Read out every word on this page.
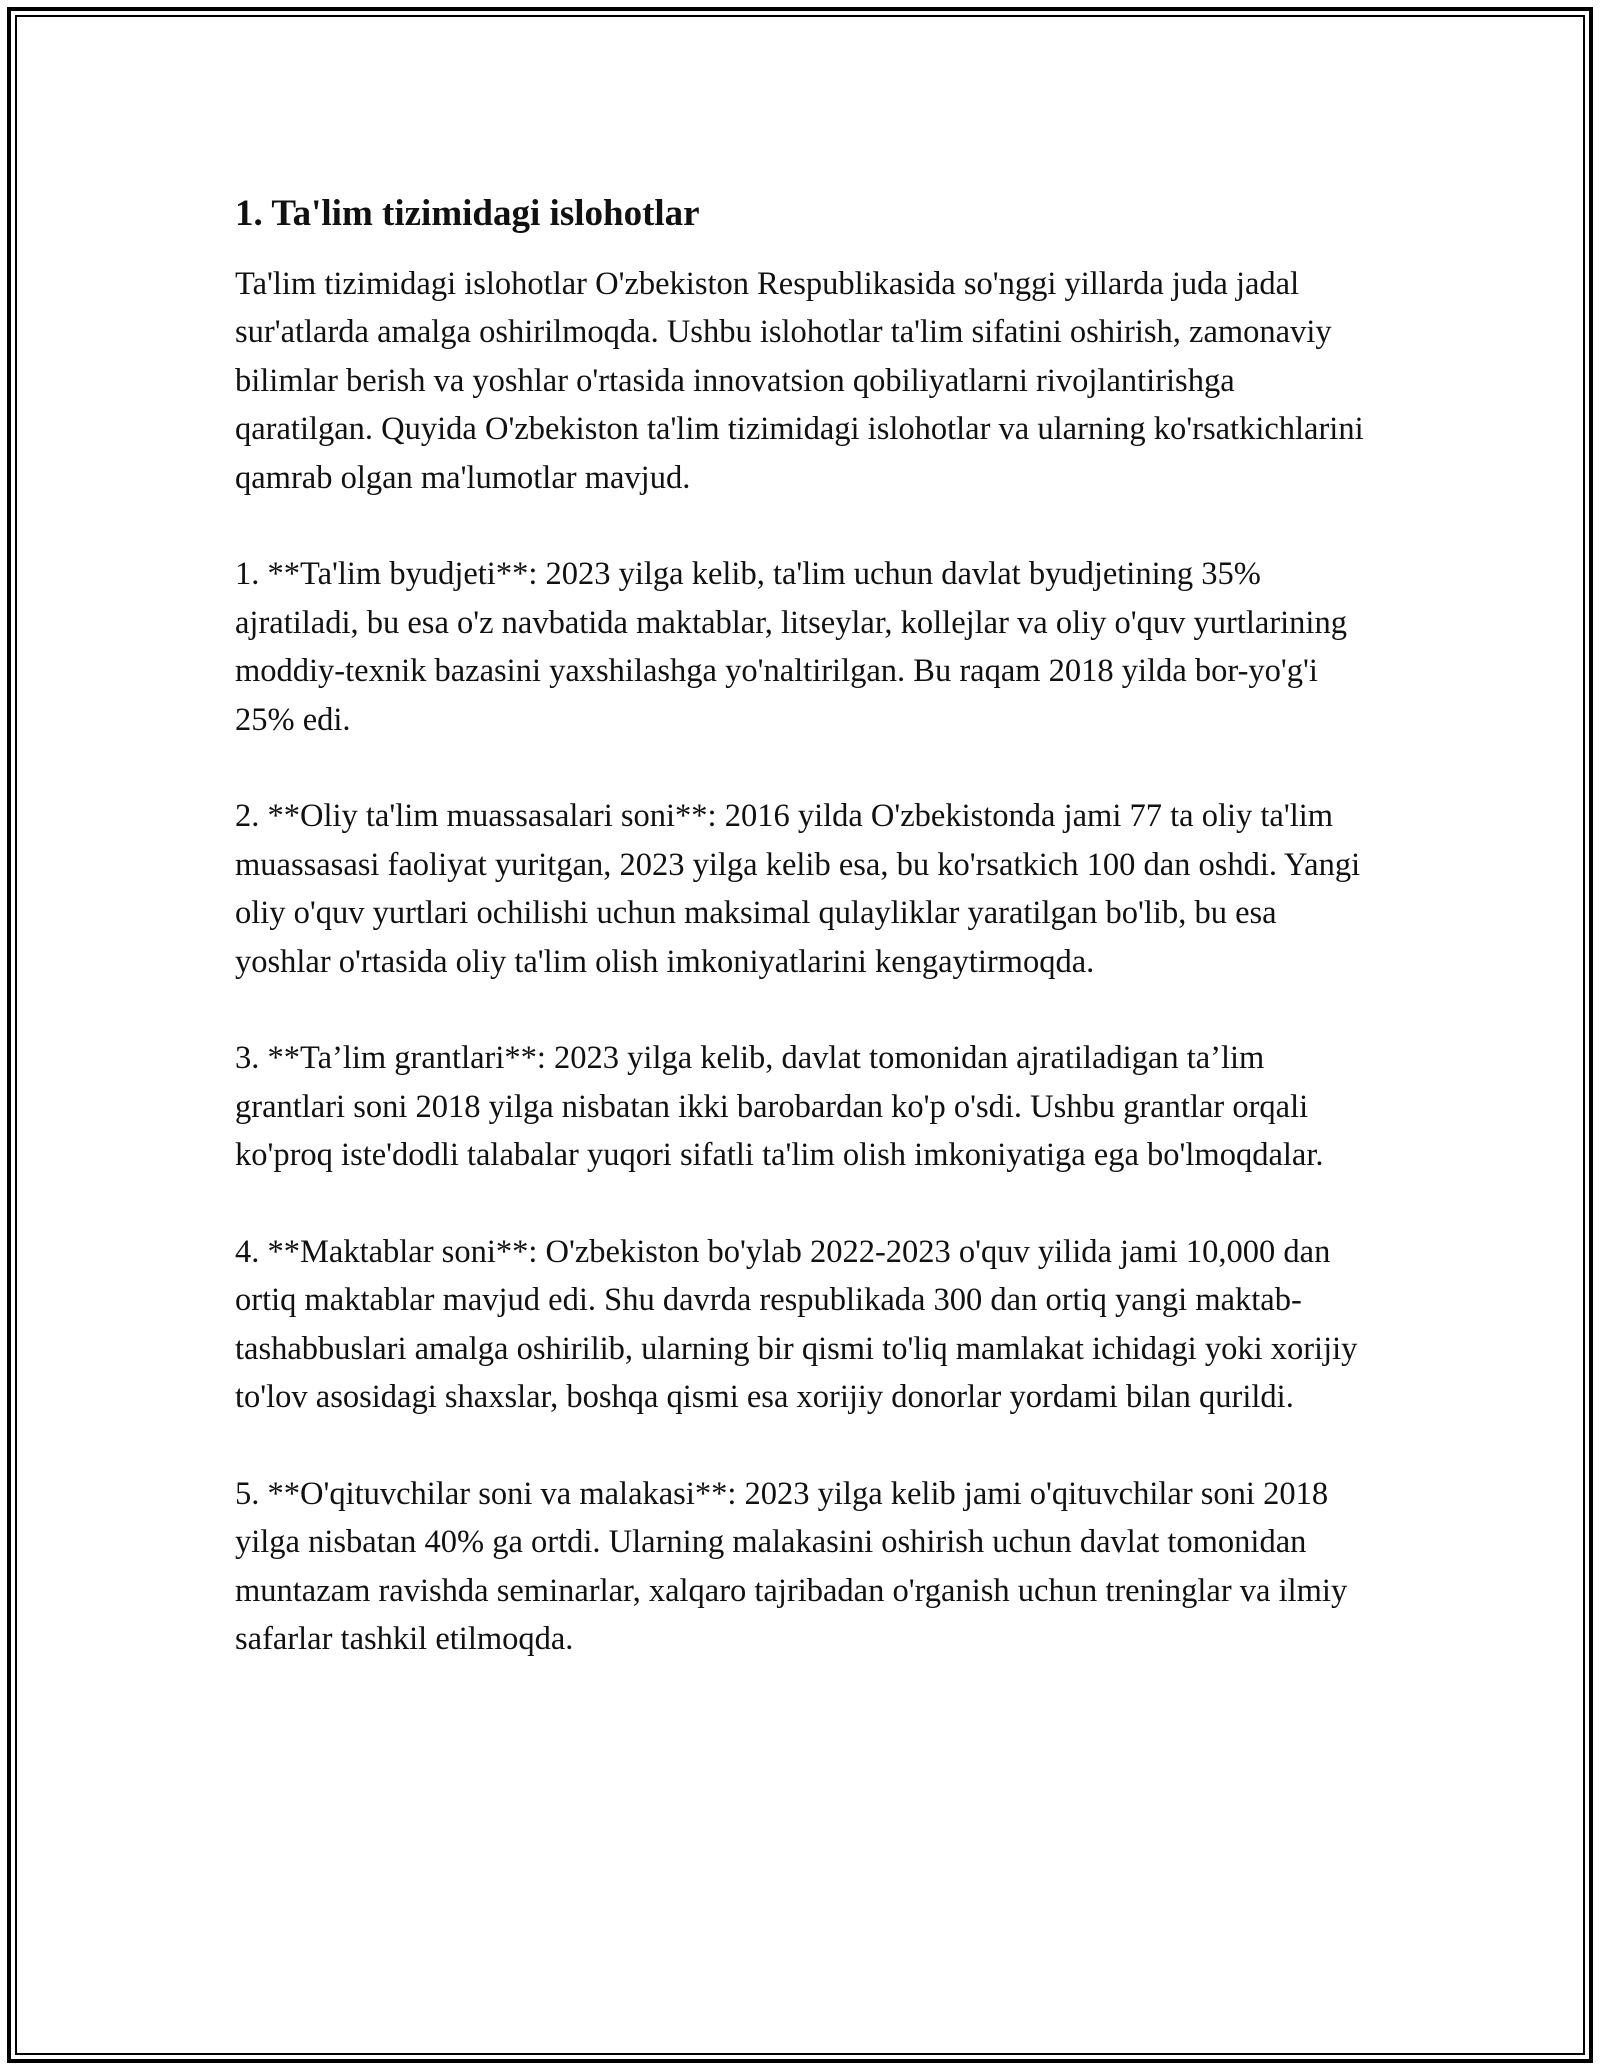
1. Ta'lim tizimidagi islohotlar

Ta'lim tizimidagi islohotlar O'zbekiston Respublikasida so'nggi yillarda juda jadal sur'atlarda amalga oshirilmoqda. Ushbu islohotlar ta'lim sifatini oshirish, zamonaviy bilimlar berish va yoshlar o'rtasida innovatsion qobiliyatlarni rivojlantirishga qaratilgan. Quyida O'zbekiston ta'lim tizimidagi islohotlar va ularning ko'rsatkichlarini qamrab olgan ma'lumotlar mavjud.

1. **Ta'lim byudjeti**: 2023 yilga kelib, ta'lim uchun davlat byudjetining 35% ajratiladi, bu esa o'z navbatida maktablar, litseylar, kollejlar va oliy o'quv yurtlarining moddiy-texnik bazasini yaxshilashga yo'naltirilgan. Bu raqam 2018 yilda bor-yo'g'i 25% edi.

2. **Oliy ta'lim muassasalari soni**: 2016 yilda O'zbekistonda jami 77 ta oliy ta'lim muassasasi faoliyat yuritgan, 2023 yilga kelib esa, bu ko'rsatkich 100 dan oshdi. Yangi oliy o'quv yurtlari ochilishi uchun maksimal qulayliklar yaratilgan bo'lib, bu esa yoshlar o'rtasida oliy ta'lim olish imkoniyatlarini kengaytirmoqda.

3. **Ta’lim grantlari**: 2023 yilga kelib, davlat tomonidan ajratiladigan ta’lim grantlari soni 2018 yilga nisbatan ikki barobardan ko'p o'sdi. Ushbu grantlar orqali ko'proq iste'dodli talabalar yuqori sifatli ta'lim olish imkoniyatiga ega bo'lmoqdalar.

4. **Maktablar soni**: O'zbekiston bo'ylab 2022-2023 o'quv yilida jami 10,000 dan ortiq maktablar mavjud edi. Shu davrda respublikada 300 dan ortiq yangi maktab-tashabbuslari amalga oshirilib, ularning bir qismi to'liq mamlakat ichidagi yoki xorijiy to'lov asosidagi shaxslar, boshqa qismi esa xorijiy donorlar yordami bilan qurildi.

5. **O'qituvchilar soni va malakasi**: 2023 yilga kelib jami o'qituvchilar soni 2018 yilga nisbatan 40% ga ortdi. Ularning malakasini oshirish uchun davlat tomonidan muntazam ravishda seminarlar, xalqaro tajribadan o'rganish uchun treninglar va ilmiy safarlar tashkil etilmoqda.
